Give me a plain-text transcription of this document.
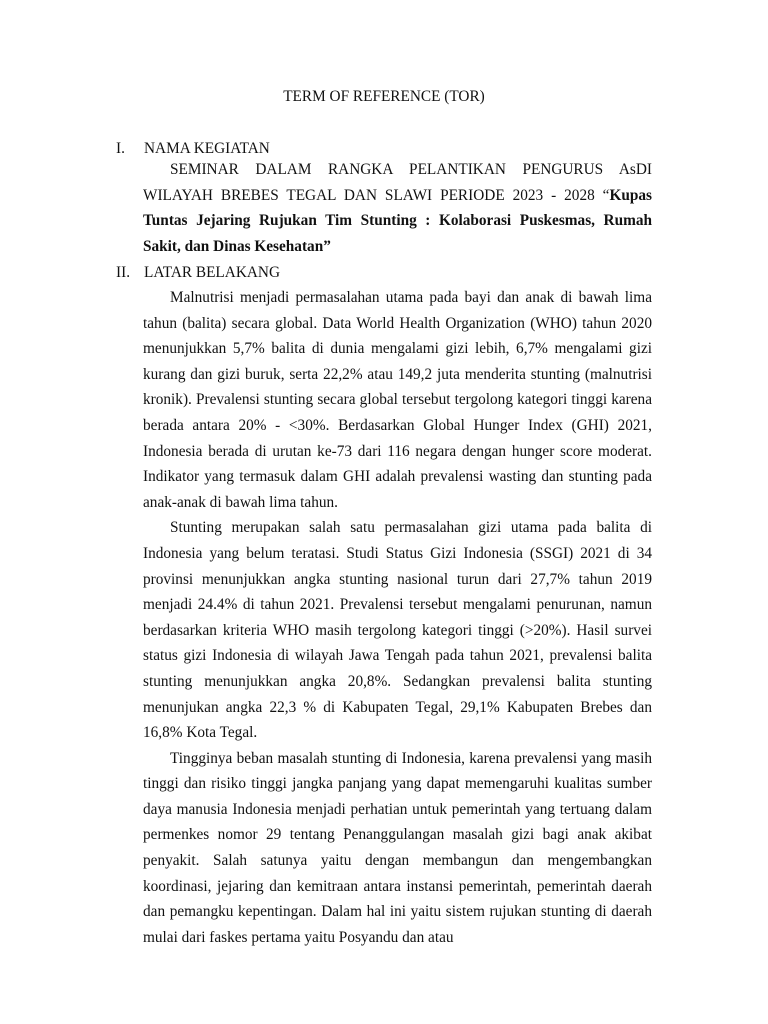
TERM OF REFERENCE (TOR)
I. NAMA KEGIATAN

SEMINAR DALAM RANGKA PELANTIKAN PENGURUS AsDI WILAYAH BREBES TEGAL DAN SLAWI PERIODE 2023 - 2028 “Kupas Tuntas Jejaring Rujukan Tim Stunting : Kolaborasi Puskesmas, Rumah Sakit, dan Dinas Kesehatan”

II. LATAR BELAKANG

Malnutrisi menjadi permasalahan utama pada bayi dan anak di bawah lima tahun (balita) secara global. Data World Health Organization (WHO) tahun 2020 menunjukkan 5,7% balita di dunia mengalami gizi lebih, 6,7% mengalami gizi kurang dan gizi buruk, serta 22,2% atau 149,2 juta menderita stunting (malnutrisi kronik). Prevalensi stunting secara global tersebut tergolong kategori tinggi karena berada antara 20% - <30%. Berdasarkan Global Hunger Index (GHI) 2021, Indonesia berada di urutan ke-73 dari 116 negara dengan hunger score moderat. Indikator yang termasuk dalam GHI adalah prevalensi wasting dan stunting pada anak-anak di bawah lima tahun.

Stunting merupakan salah satu permasalahan gizi utama pada balita di Indonesia yang belum teratasi. Studi Status Gizi Indonesia (SSGI) 2021 di 34 provinsi menunjukkan angka stunting nasional turun dari 27,7% tahun 2019 menjadi 24.4% di tahun 2021. Prevalensi tersebut mengalami penurunan, namun berdasarkan kriteria WHO masih tergolong kategori tinggi (>20%). Hasil survei status gizi Indonesia di wilayah Jawa Tengah pada tahun 2021, prevalensi balita stunting menunjukkan angka 20,8%. Sedangkan prevalensi balita stunting menunjukan angka 22,3 % di Kabupaten Tegal, 29,1% Kabupaten Brebes dan 16,8% Kota Tegal.

Tingginya beban masalah stunting di Indonesia, karena prevalensi yang masih tinggi dan risiko tinggi jangka panjang yang dapat memengaruhi kualitas sumber daya manusia Indonesia menjadi perhatian untuk pemerintah yang tertuang dalam permenkes nomor 29 tentang Penanggulangan masalah gizi bagi anak akibat penyakit. Salah satunya yaitu dengan membangun dan mengembangkan koordinasi, jejaring dan kemitraan antara instansi pemerintah, pemerintah daerah dan pemangku kepentingan. Dalam hal ini yaitu sistem rujukan stunting di daerah mulai dari faskes pertama yaitu Posyandu dan atau
